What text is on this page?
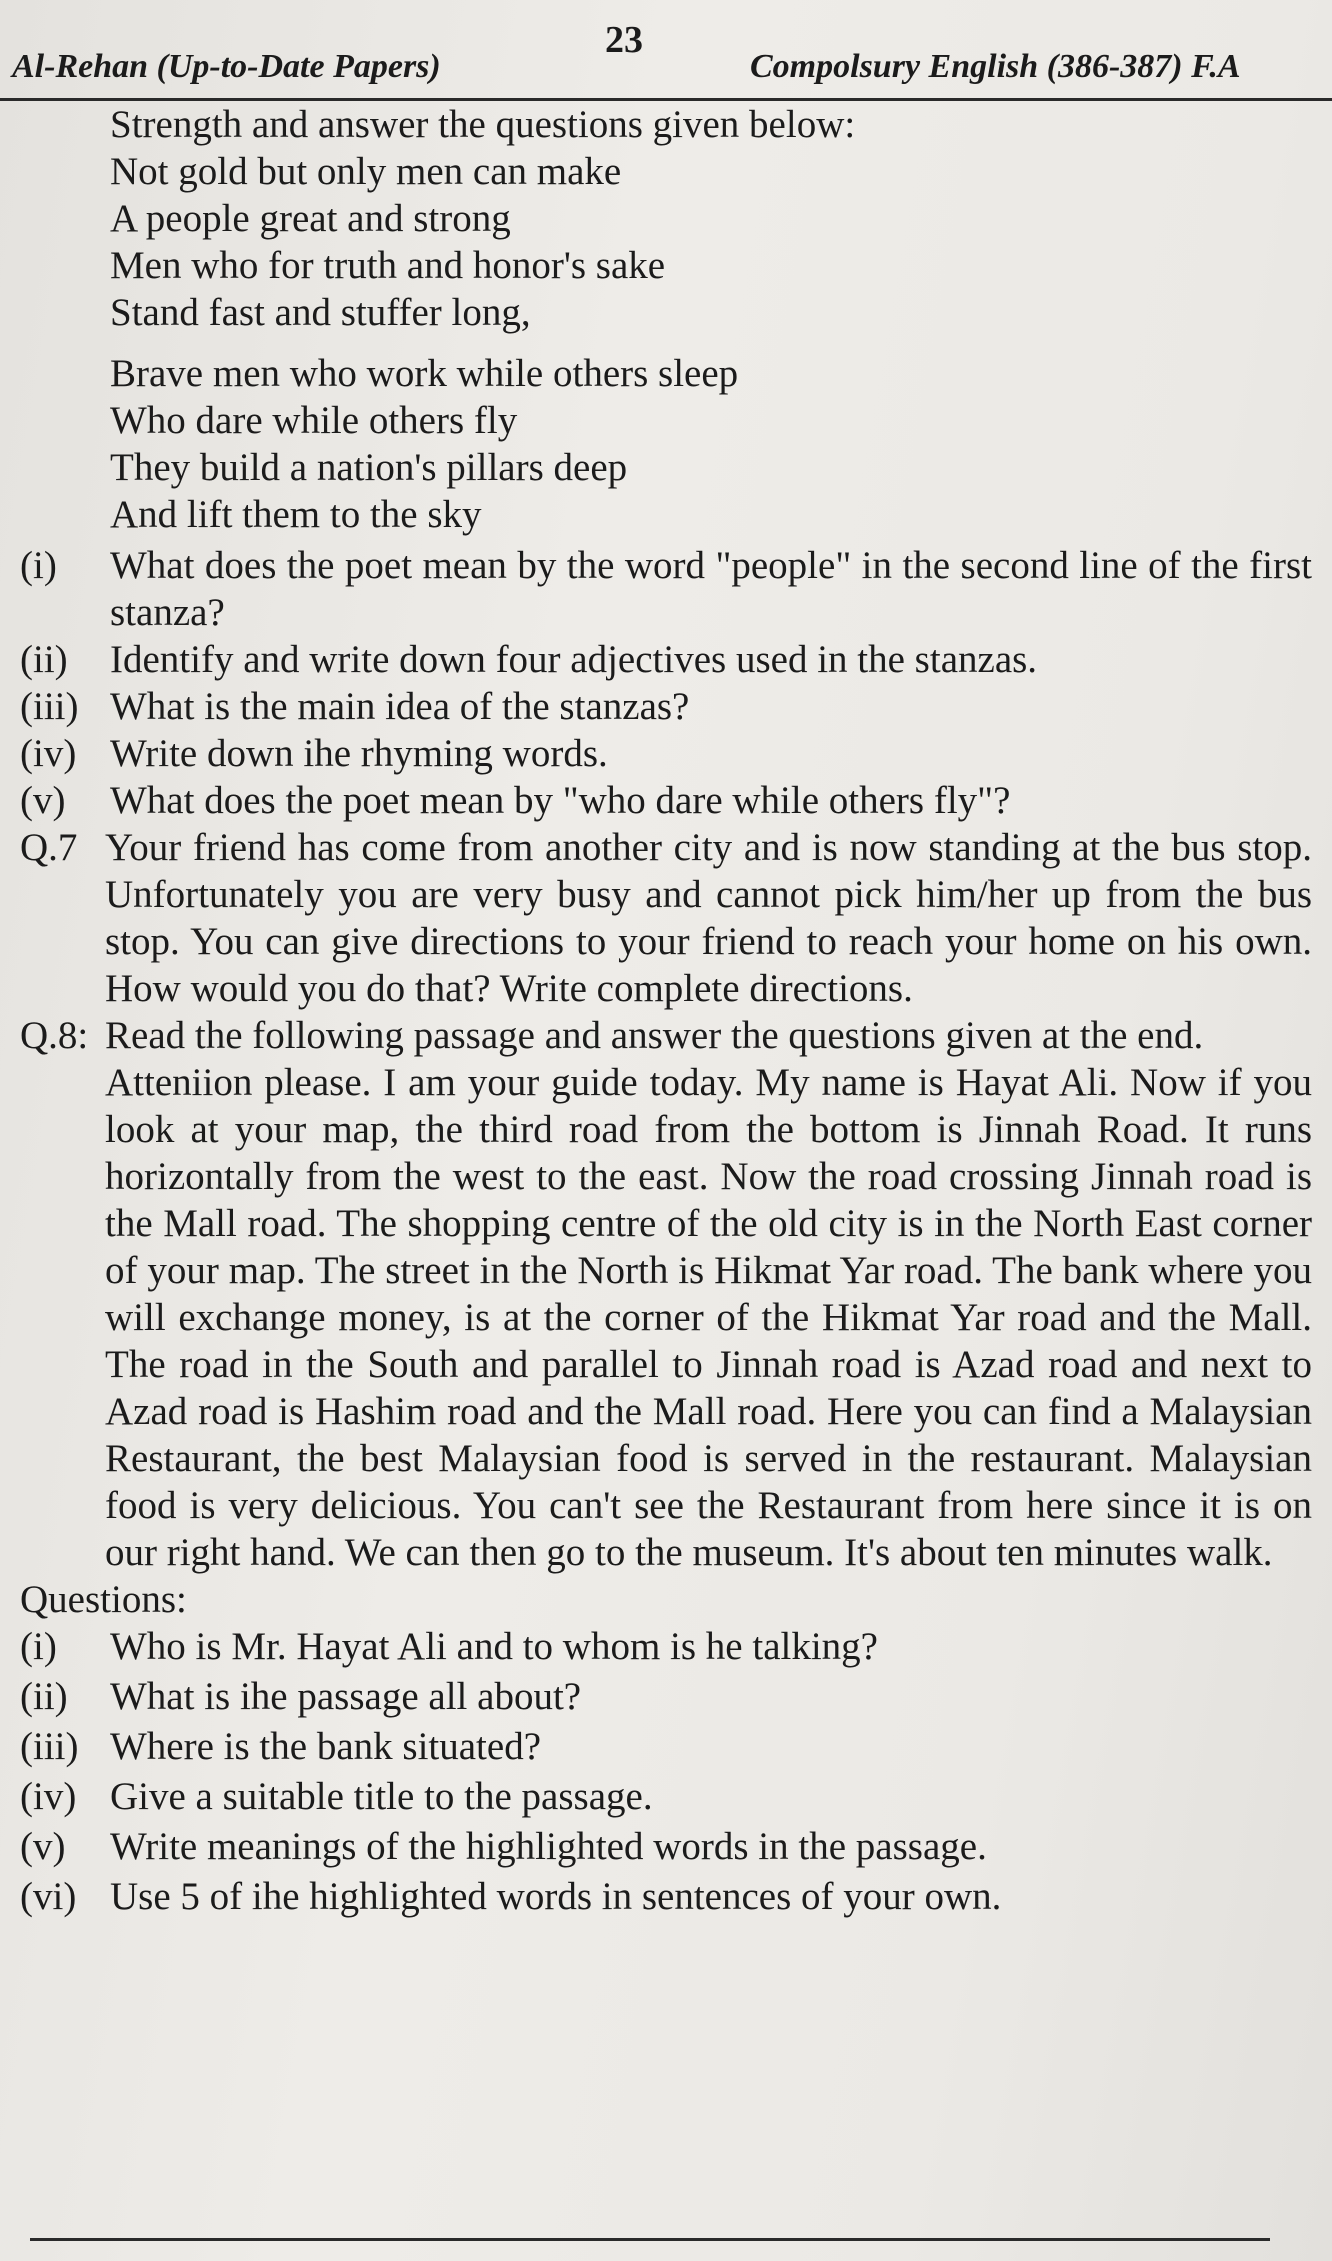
Al-Rehan (Up-to-Date Papers)
23
Compolsury English (386-387) F.A
Strength and answer the questions given below:
Not gold but only men can make
A people great and strong
Men who for truth and honor's sake
Stand fast and stuffer long,
Brave men who work while others sleep
Who dare while others fly
They build a nation's pillars deep
And lift them to the sky
(i) What does the poet mean by the word "people" in the second line of the first stanza?
(ii) Identify and write down four adjectives used in the stanzas.
(iii) What is the main idea of the stanzas?
(iv) Write down ihe rhyming words.
(v) What does the poet mean by "who dare while others fly"?
Q.7 Your friend has come from another city and is now standing at the bus stop. Unfortunately you are very busy and cannot pick him/her up from the bus stop. You can give directions to your friend to reach your home on his own. How would you do that? Write complete directions.
Q.8: Read the following passage and answer the questions given at the end.
Atteniion please. I am your guide today. My name is Hayat Ali. Now if you look at your map, the third road from the bottom is Jinnah Road. It runs horizontally from the west to the east. Now the road crossing Jinnah road is the Mall road. The shopping centre of the old city is in the North East corner of your map. The street in the North is Hikmat Yar road. The bank where you will exchange money, is at the corner of the Hikmat Yar road and the Mall. The road in the South and parallel to Jinnah road is Azad road and next to Azad road is Hashim road and the Mall road. Here you can find a Malaysian Restaurant, the best Malaysian food is served in the restaurant. Malaysian food is very delicious. You can't see the Restaurant from here since it is on our right hand. We can then go to the museum. It's about ten minutes walk.
Questions:
(i) Who is Mr. Hayat Ali and to whom is he talking?
(ii) What is ihe passage all about?
(iii) Where is the bank situated?
(iv) Give a suitable title to the passage.
(v) Write meanings of the highlighted words in the passage.
(vi) Use 5 of ihe highlighted words in sentences of your own.
